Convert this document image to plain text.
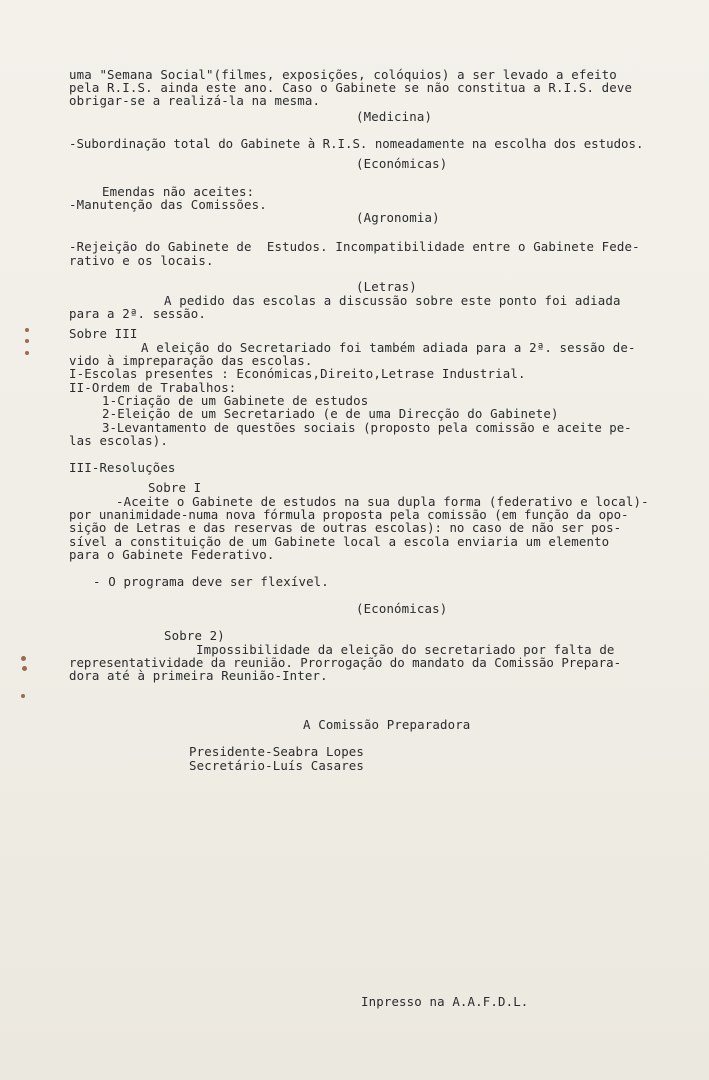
uma "Semana Social"(filmes, exposições, colóquios) a ser levado a efeito
pela R.I.S. ainda este ano. Caso o Gabinete se não constitua a R.I.S. deve
obrigar-se a realizá-la na mesma.
(Medicina)
-Subordinação total do Gabinete à R.I.S. nomeadamente na escolha dos estudos.
(Económicas)
Emendas não aceites:
-Manutenção das Comissões.
(Agronomia)
-Rejeição do Gabinete de  Estudos. Incompatibilidade entre o Gabinete Fede-
rativo e os locais.
(Letras)
A pedido das escolas a discussão sobre este ponto foi adiada
para a 2ª. sessão.
Sobre III
A eleição do Secretariado foi também adiada para a 2ª. sessão de-
vido à impreparação das escolas.
I-Escolas presentes : Económicas,Direito,Letrase Industrial.
II-Ordem de Trabalhos:
1-Criação de um Gabinete de estudos
2-Eleição de um Secretariado (e de uma Direcção do Gabinete)
3-Levantamento de questões sociais (proposto pela comissão e aceite pe-
las escolas).
III-Resoluções
Sobre I
-Aceite o Gabinete de estudos na sua dupla forma (federativo e local)-
por unanimidade-numa nova fórmula proposta pela comissão (em função da opo-
sição de Letras e das reservas de outras escolas): no caso de não ser pos-
sível a constituição de um Gabinete local a escola enviaria um elemento
para o Gabinete Federativo.
- O programa deve ser flexível.
(Económicas)
Sobre 2)
Impossibilidade da eleição do secretariado por falta de
representatividade da reunião. Prorrogação do mandato da Comissão Prepara-
dora até à primeira Reunião-Inter.
A Comissão Preparadora
Presidente-Seabra Lopes
Secretário-Luís Casares
Inpresso na A.A.F.D.L.
